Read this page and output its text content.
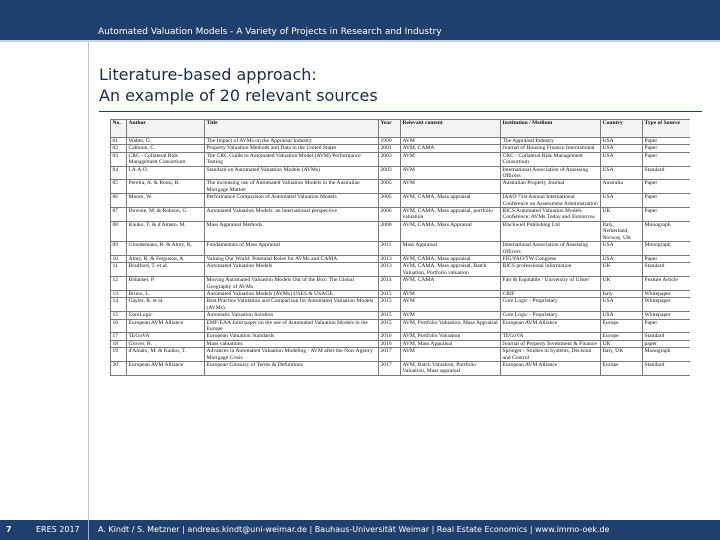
Automated Valuation Models - A Variety of Projects in Research and Industry
Literature-based approach:
An example of 20 relevant sources
No.	Author	Title	Year	Relevant content	Institution / Medium	Country	Type of Source
01	Walter, G.	The Impact of AVMs on the Appraisal Industry	1999	AVM	The Appraisal Industry	USA	Paper
02	Calhoun, C.	Property Valuation Methods and Data in the United States	2001	AVM, CAMA	Journal of Housing Finance International	USA	Paper
03	CRC - Collateral Risk Management Consortium	The CRC Guide to Automated Valuation Model (AVM) Performance Testing	2003	AVM	CRC - Collateral Risk Management Consortium	USA	Paper
04	I.A.A.O.	Standard on Automated Valuation Models (AVMs)	2003	AVM	International Association of Assessing Officers	USA	Standard
05	Pereira, A. & Rossi, R.	The increasing use of Automated Valuation Models in the Australian Mortgage Market	2005	AVM	Australian Property Journal	Australia	Paper
06	Moore, W.	Performance Comparison of Automated Valuation Models	2005	AVM, CAMA, Mass appraisal	IAAO 71st Annual International Conference on Assessment Administration	USA	Paper
07	Downie, M. & Robson, G.	Automated Valuation Models: an international perspective	2006	AVM, CAMA, Mass appraisal, portfolio valuation	RICS Automated Valuation Models Conference: AVMs Today and Tomorrow	UK	Paper
08	Kauko, T. & d'Amato, M.	Mass Appraisal Methods	2008	AVM, CAMA, Mass Appraisal	Blackwell Publishing Ltd	Italy, Netherland, Norway, UK	Monograph
09	Gloudemans, R. & Almy, R.	Fundamentals of Mass Appraisal	2011	Mass Appraisal	International Association of Assessing Officers	USA	Monograph
10	Almy, R. & Ferguson, A.	Valuing Our World: Potential Roles for AVMs and CAMA	2013	AVM, CAMA, Mass appraisal	FIG/FAO/TW Congress	USA	Paper
11	Bradford, T. et al.	Automated Valuation Models	2013	AVM, CAMA, Mass appraisal, Batch Valuation, Portfolio valuation	RICS professional information	UK	Standard
12	Bidanset, P.	Moving Automated Valuation Models Out of the Box: The Global Geography of AVMs	2014	AVM, CAMA	Fair & Equitable / University of Ulster	UK	Feature Article
13	Bruno, L.	Automated Valuation Models (AVMs) USES & USAGE	2015	AVM	CRIF	Italy	Whitepaper
14	Gayler, R. et al.	Best Practice Validation and Comparison for Automated Valuation Models (AVMs)	2015	AVM	Core Logic - Proprietary	USA	Whitepaper
15	CoreLogic	Automatic Valuation Solution	2015	AVM	Core Logic - Proprietary	USA	Whitepaper
16	European AVM Alliance	EMF/EAA Joint paper on the use of Automated Valuation Models in the Europe	2015	AVM, Portfolio Valuation, Mass Appraisal	European AVM Alliance	Europe	Paper
17	TEGoVA	European Valuation Standards	2016	AVM, Portfolio Valuation	TEGoVA	Europe	Standard
18	Grover, R.	Mass valuations	2016	AVM, Mass Appraisal	Journal of Property Investment & Finance	UK	paper
19	d'Amato, M. & Kauko, T.	Advances in Automated Valuation Modeling - AVM after the Non-Agency Mortgage Crisis	2017	AVM	Springer - Studies in Systems, Decision and Control	Italy, UK	Monograph
20	European AVM Alliance	European Glossary of Terms & Definitions	2017	AVM, Batch Valuation, Portfolio Valuation, Mass appraisal	European AVM Alliance	Europe	Standard
7	ERES 2017 A. Kindt / S. Metzner | andreas.kindt@uni-weimar.de | Bauhaus-Universität Weimar | Real Estate Economics | www.immo-oek.de
